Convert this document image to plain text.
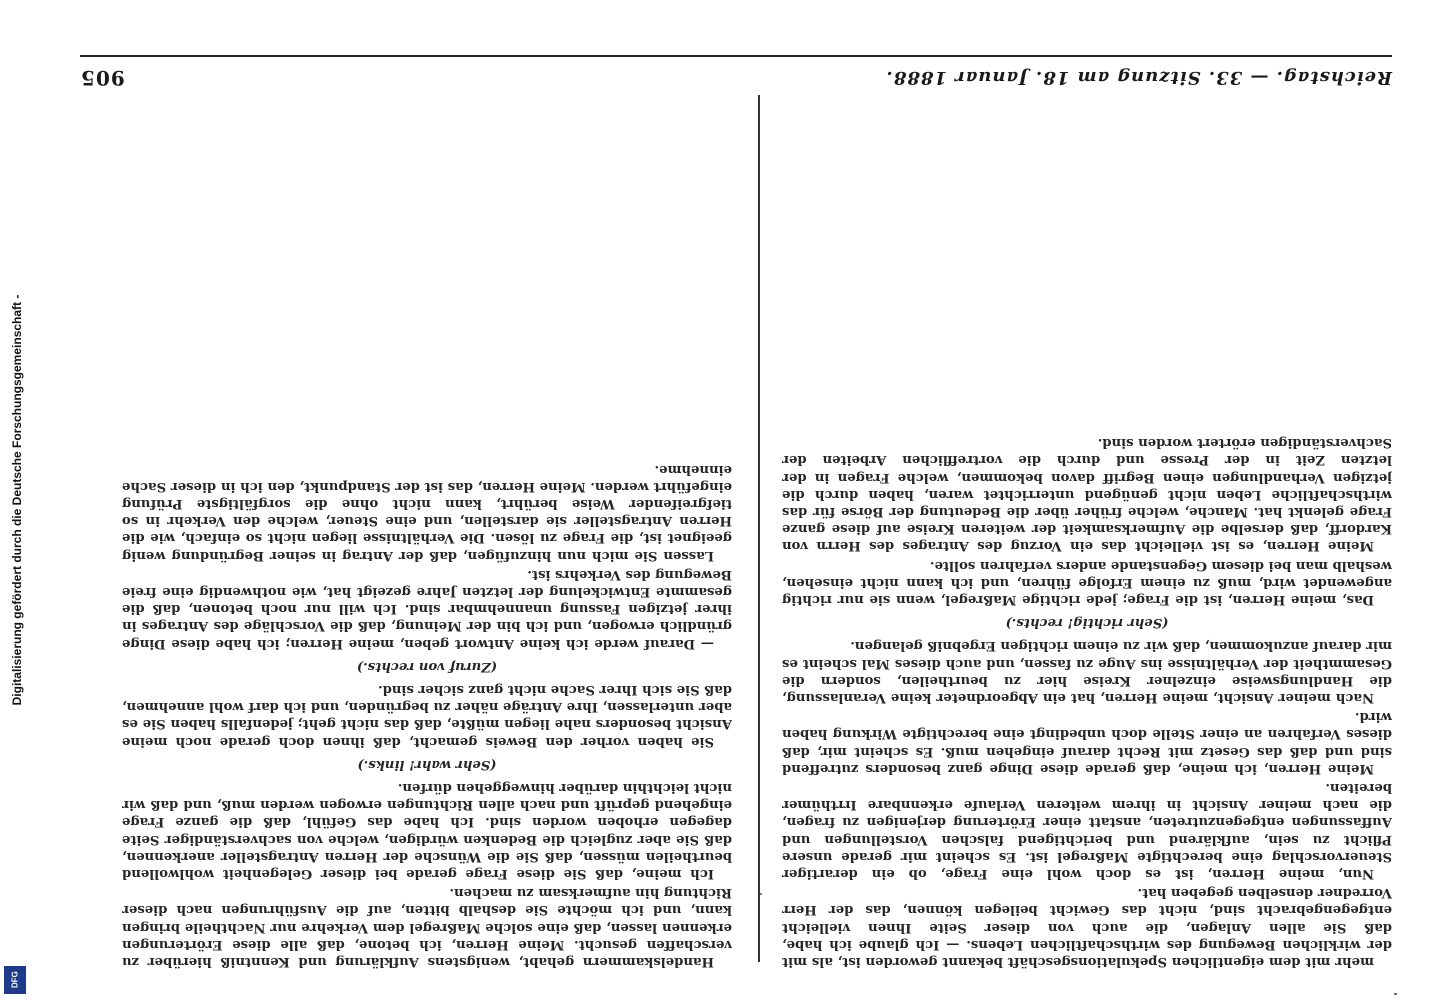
Digitalisierung gefördert durch die Deutsche Forschungsgemeinschaft -
DFG
Reichstag. — 33. Sitzung am 18. Januar 1888.
905

mehr mit dem eigentlichen Spekulationsgeschäft bekannt geworden ist, als mit der wirklichen Bewegung des wirthschaftlichen Lebens. — Ich glaube ich habe, daß Sie allen Anlagen, die auch von dieser Seite Ihnen vielleicht entgegengebracht sind, nicht das Gewicht beilegen können, das der Herr Vorredner denselben gegeben hat.

Nun, meine Herren, ist es doch wohl eine Frage, ob ein derartiger Steuervorschlag eine berechtigte Maßregel ist. Es scheint mir gerade unsere Pflicht zu sein, aufklärend und berichtigend falschen Vorstellungen und Auffassungen entgegenzutreten, anstatt einer Erörterung derjenigen zu fragen, die nach meiner Ansicht in ihrem weiteren Verlaufe erkennbare Irrthümer bereiten.

Meine Herren, ich meine, daß gerade diese Dinge ganz besonders zutreffend sind und daß das Gesetz mit Recht darauf eingehen muß. Es scheint mir, daß dieses Verfahren an einer Stelle doch unbedingt eine berechtigte Wirkung haben wird.

Nach meiner Ansicht, meine Herren, hat ein Abgeordneter keine Veranlassung, die Handlungsweise einzelner Kreise hier zu beurtheilen, sondern die Gesammtheit der Verhältnisse ins Auge zu fassen, und auch dieses Mal scheint es mir darauf anzukommen, daß wir zu einem richtigen Ergebniß gelangen.

(Sehr richtig! rechts.)

Das, meine Herren, ist die Frage; jede richtige Maßregel, wenn sie nur richtig angewendet wird, muß zu einem Erfolge führen, und ich kann nicht einsehen, weshalb man bei diesem Gegenstande anders verfahren sollte.

Meine Herren, es ist vielleicht das ein Vorzug des Antrages des Herrn von Kardorff, daß derselbe die Aufmerksamkeit der weiteren Kreise auf diese ganze Frage gelenkt hat. Manche, welche früher über die Bedeutung der Börse für das wirthschaftliche Leben nicht genügend unterrichtet waren, haben durch die jetzigen Verhandlungen einen Begriff davon bekommen, welche Fragen in der letzten Zeit in der Presse und durch die vortrefflichen Arbeiten der Sachverständigen erörtert worden sind.

Handelskammern gehabt, wenigstens Aufklärung und Kenntniß hierüber zu verschaffen gesucht. Meine Herren, ich betone, daß alle diese Erörterungen erkennen lassen, daß eine solche Maßregel dem Verkehre nur Nachtheile bringen kann, und ich möchte Sie deshalb bitten, auf die Ausführungen nach dieser Richtung hin aufmerksam zu machen.

Ich meine, daß Sie diese Frage gerade bei dieser Gelegenheit wohlwollend beurtheilen müssen, daß Sie die Wünsche der Herren Antragsteller anerkennen, daß Sie aber zugleich die Bedenken würdigen, welche von sachverständiger Seite dagegen erhoben worden sind. Ich habe das Gefühl, daß die ganze Frage eingehend geprüft und nach allen Richtungen erwogen werden muß, und daß wir nicht leichthin darüber hinweggehen dürfen.

(Sehr wahr! links.)

Sie haben vorher den Beweis gemacht, daß ihnen doch gerade noch meine Ansicht besonders nahe liegen müßte, daß das nicht geht; jedenfalls haben Sie es aber unterlassen, Ihre Anträge näher zu begründen, und ich darf wohl annehmen, daß Sie sich Ihrer Sache nicht ganz sicher sind.

(Zuruf von rechts.)

— Darauf werde ich keine Antwort geben, meine Herren; ich habe diese Dinge gründlich erwogen, und ich bin der Meinung, daß die Vorschläge des Antrages in ihrer jetzigen Fassung unannehmbar sind. Ich will nur noch betonen, daß die gesammte Entwickelung der letzten Jahre gezeigt hat, wie nothwendig eine freie Bewegung des Verkehrs ist.

Lassen Sie mich nun hinzufügen, daß der Antrag in seiner Begründung wenig geeignet ist, die Frage zu lösen. Die Verhältnisse liegen nicht so einfach, wie die Herren Antragsteller sie darstellen, und eine Steuer, welche den Verkehr in so tiefgreifender Weise berührt, kann nicht ohne die sorgfältigste Prüfung eingeführt werden. Meine Herren, das ist der Standpunkt, den ich in dieser Sache einnehme.
